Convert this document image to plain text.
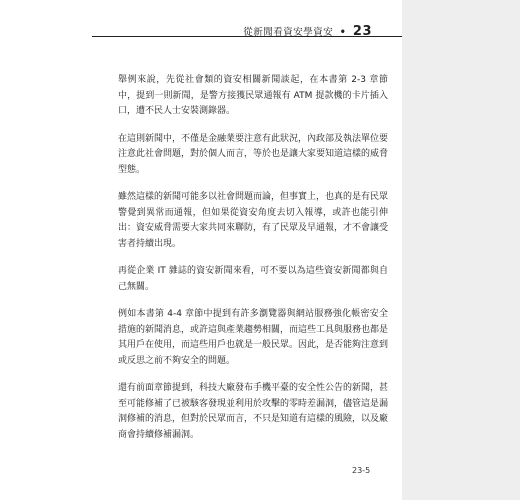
從新聞看資安學資安 • 23

舉例來說，先從社會類的資安相關新聞談起，在本書第 2-3 章節中，提到一則新聞，是警方接獲民眾通報有 ATM 提款機的卡片插入口，遭不民人士安裝測錄器。

在這則新聞中，不僅是金融業要注意有此狀況，內政部及執法單位要注意此社會問題，對於個人而言，等於也是讓大家要知道這樣的威脅型態。

雖然這樣的新聞可能多以社會問題而論，但事實上，也真的是有民眾警覺到異常而通報，但如果從資安角度去切入報導，或許也能引伸出：資安威脅需要大家共同來聯防，有了民眾及早通報，才不會讓受害者持續出現。

再從企業 IT 雜誌的資安新聞來看，可不要以為這些資安新聞都與自己無關。

例如本書第 4-4 章節中提到有許多瀏覽器與網站服務強化帳密安全措施的新聞消息，或許這與產業趨勢相關，而這些工具與服務也都是其用戶在使用，而這些用戶也就是一般民眾。因此，是否能夠注意到或反思之前不夠安全的問題。

還有前面章節提到，科技大廠發布手機平臺的安全性公告的新聞，甚至可能修補了已被駭客發現並利用於攻擊的零時差漏洞，儘管這是漏洞修補的消息，但對於民眾而言，不只是知道有這樣的風險，以及廠商會持續修補漏洞。

23-5
